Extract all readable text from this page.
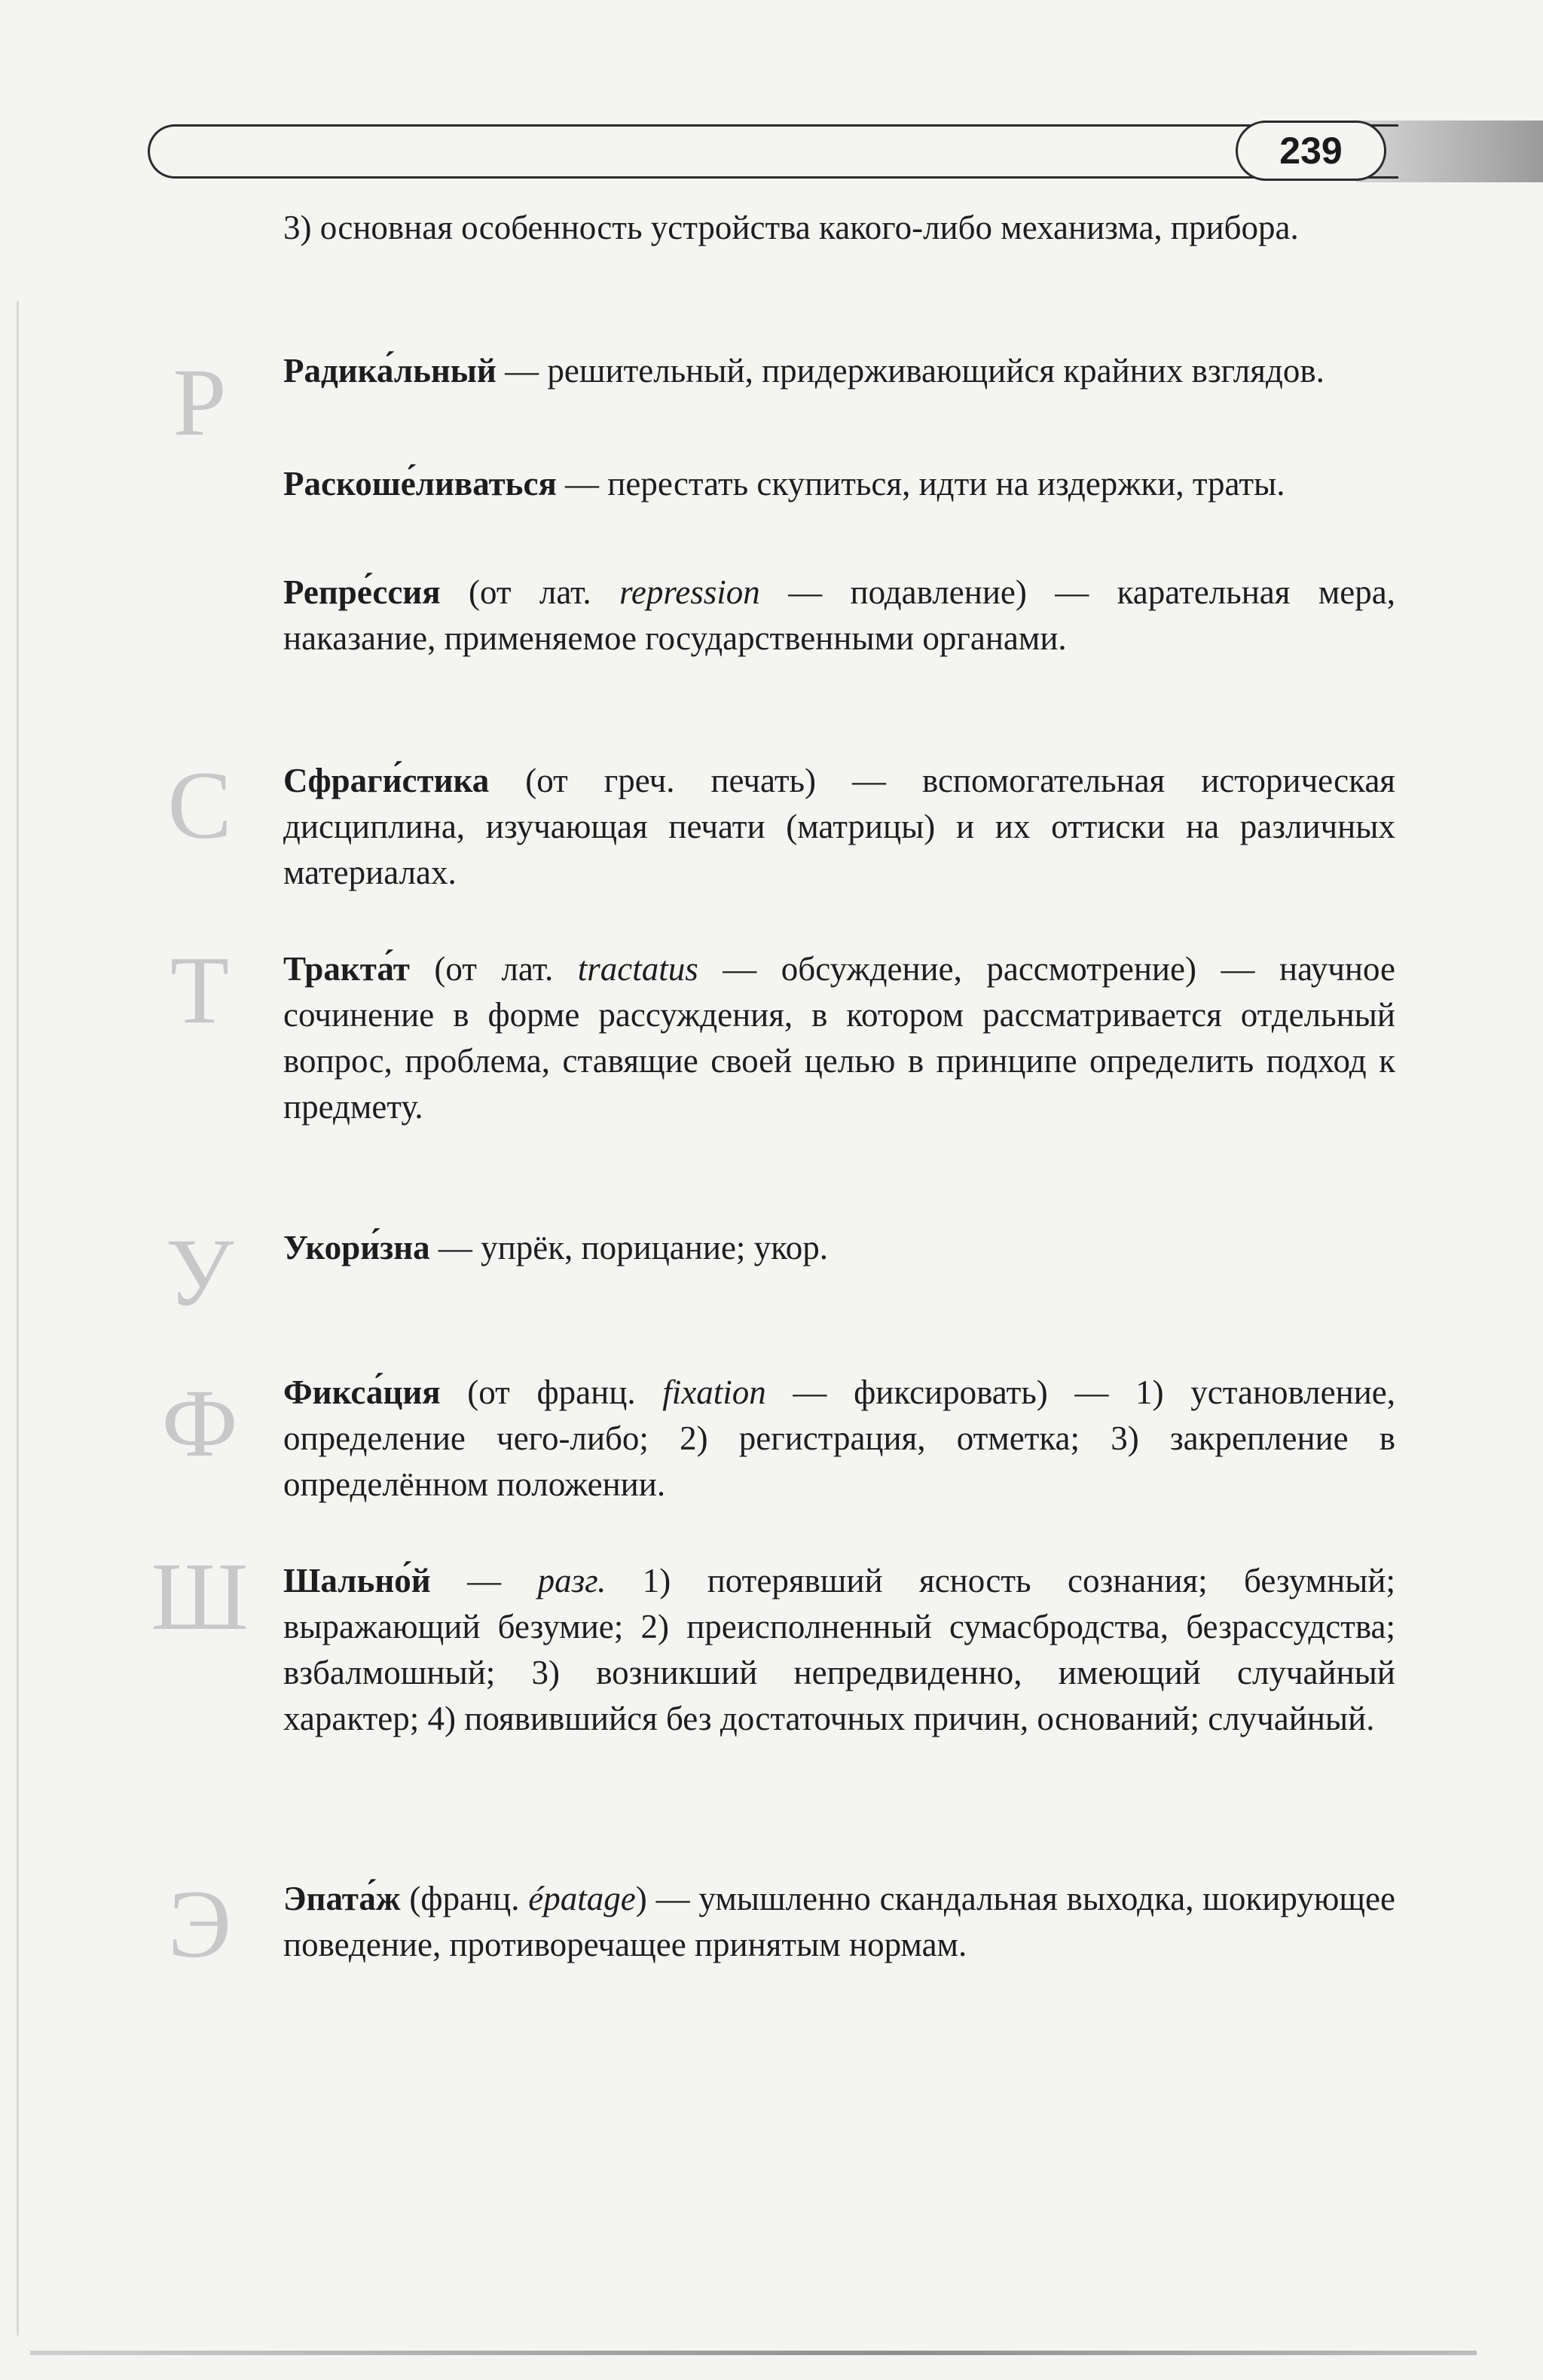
239
Р
С
Т
У
Ф
Ш
Э

3) основная особенность устройства какого-либо механизма, прибора.

Радика́льный — решительный, придерживающийся крайних взглядов.

Раскоше́ливаться — перестать скупиться, идти на издержки, траты.

Репре́ссия (от лат. repression — подавление) — карательная мера, наказание, применяемое государственными органами.

Сфраги́стика (от греч. печать) — вспомогательная историческая дисциплина, изучающая печати (матрицы) и их оттиски на различных материалах.

Тракта́т (от лат. tractatus — обсуждение, рассмотрение) — научное сочинение в форме рассуждения, в котором рассматривается отдельный вопрос, проблема, ставящие своей целью в принципе определить подход к предмету.

Укори́зна — упрёк, порицание; укор.

Фикса́ция (от франц. fixation — фиксировать) — 1) установление, определение чего-либо; 2) регистрация, отметка; 3) закрепление в определённом положении.

Шально́й — разг. 1) потерявший ясность сознания; безумный; выражающий безумие; 2) преисполненный сумасбродства, безрассудства; взбалмошный; 3) возникший непредвиденно, имеющий случайный характер; 4) появившийся без достаточных причин, оснований; случайный.

Эпата́ж (франц. épatage) — умышленно скандальная выходка, шокирующее поведение, противоречащее принятым нормам.
